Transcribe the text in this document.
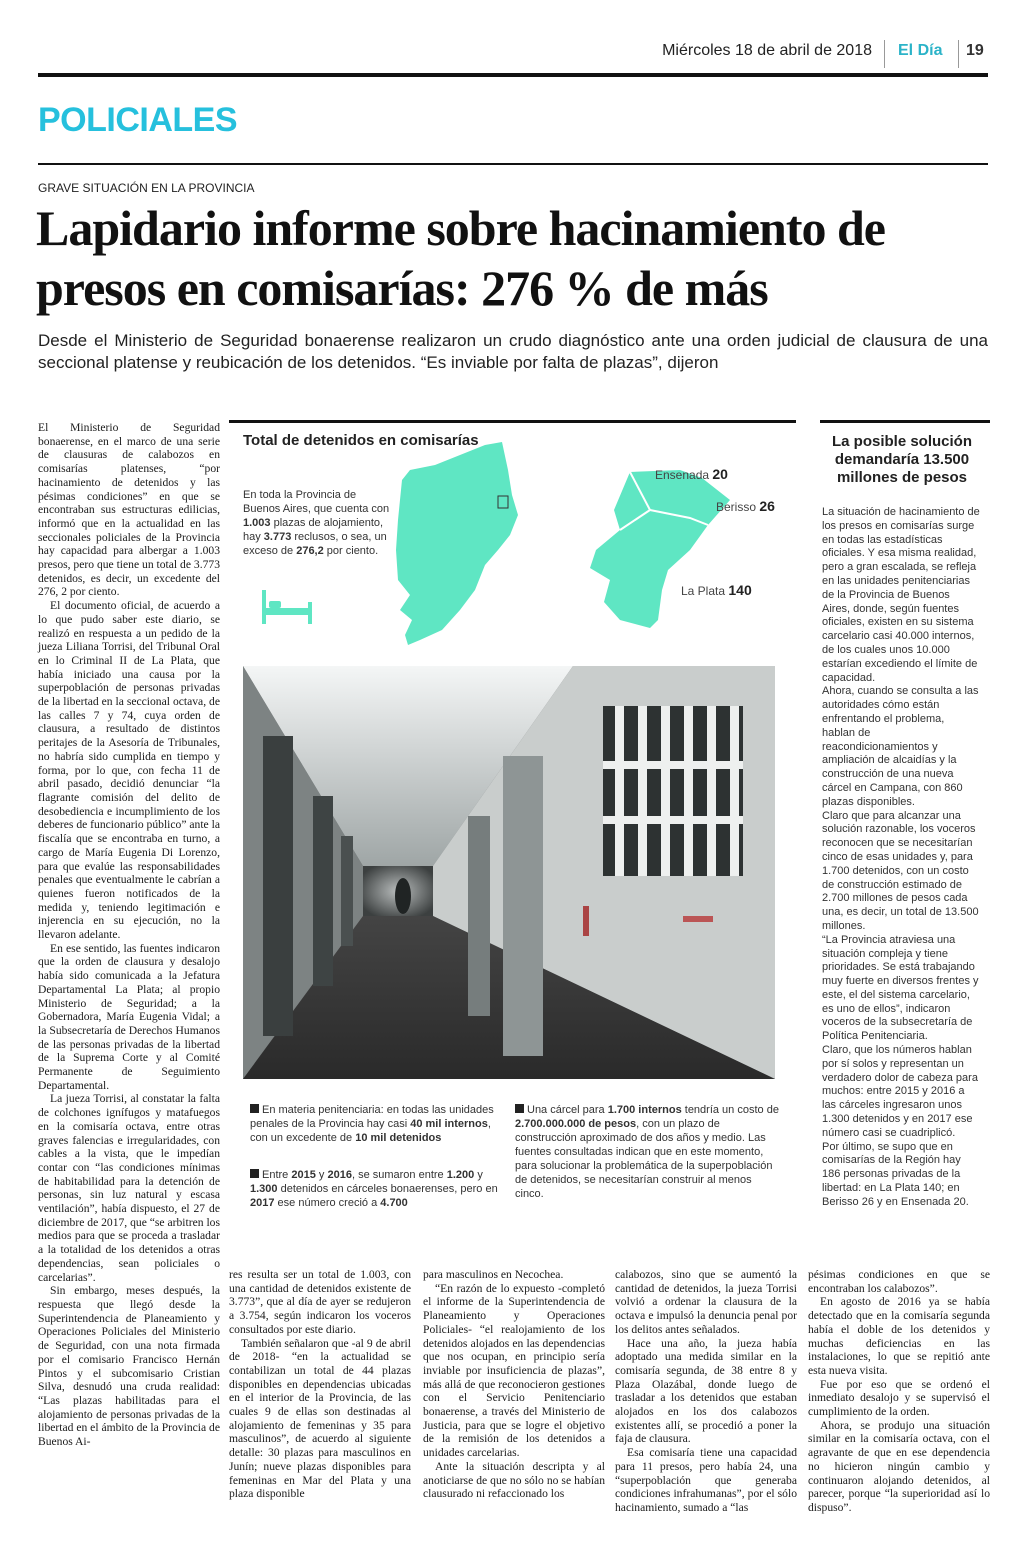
Miércoles 18 de abril de 2018 El Día 19
POLICIALES
GRAVE SITUACIÓN EN LA PROVINCIA
Lapidario informe sobre hacinamiento de presos en comisarías: 276 % de más
Desde el Ministerio de Seguridad bonaerense realizaron un crudo diagnóstico ante una orden judicial de clausura de una seccional platense y reubicación de los detenidos. “Es inviable por falta de plazas”, dijeron

El Ministerio de Seguridad bonaerense, en el marco de una serie de clausuras de calabozos en comisarías platenses, “por hacinamiento de detenidos y las pésimas condiciones” en que se encontraban sus estructuras edilicias, informó que en la actualidad en las seccionales policiales de la Provincia hay capacidad para albergar a 1.003 presos, pero que tiene un total de 3.773 detenidos, es decir, un excedente del 276, 2 por ciento.

El documento oficial, de acuerdo a lo que pudo saber este diario, se realizó en respuesta a un pedido de la jueza Liliana Torrisi, del Tribunal Oral en lo Criminal II de La Plata, que había iniciado una causa por la superpoblación de personas privadas de la libertad en la seccional octava, de las calles 7 y 74, cuya orden de clausura, a resultado de distintos peritajes de la Asesoría de Tribunales, no habría sido cumplida en tiempo y forma, por lo que, con fecha 11 de abril pasado, decidió denunciar “la flagrante comisión del delito de desobediencia e incumplimiento de los deberes de funcionario público” ante la fiscalía que se encontraba en turno, a cargo de María Eugenia Di Lorenzo, para que evalúe las responsabilidades penales que eventualmente le cabrían a quienes fueron notificados de la medida y, teniendo legitimación e injerencia en su ejecución, no la llevaron adelante.

En ese sentido, las fuentes indicaron que la orden de clausura y desalojo había sido comunicada a la Jefatura Departamental La Plata; al propio Ministerio de Seguridad; a la Gobernadora, María Eugenia Vidal; a la Subsecretaría de Derechos Humanos de las personas privadas de la libertad de la Suprema Corte y al Comité Permanente de Seguimiento Departamental.

La jueza Torrisi, al constatar la falta de colchones ignífugos y matafuegos en la comisaría octava, entre otras graves falencias e irregularidades, con cables a la vista, que le impedían contar con “las condiciones mínimas de habitabilidad para la detención de personas, sin luz natural y escasa ventilación”, había dispuesto, el 27 de diciembre de 2017, que “se arbitren los medios para que se proceda a trasladar a la totalidad de los detenidos a otras dependencias, sean policiales o carcelarias”.

Sin embargo, meses después, la respuesta que llegó desde la Superintendencia de Planeamiento y Operaciones Policiales del Ministerio de Seguridad, con una nota firmada por el comisario Francisco Hernán Pintos y el subcomisario Cristian Silva, desnudó una cruda realidad: “Las plazas habilitadas para el alojamiento de personas privadas de la libertad en el ámbito de la Provincia de Buenos Ai-

Total de detenidos en comisarías
En toda la Provincia de Buenos Aires, que cuenta con 1.003 plazas de alojamiento, hay 3.773 reclusos, o sea, un exceso de 276,2 por ciento.
Ensenada 20
Berisso 26
La Plata 140
En materia penitenciaria: en todas las unidades penales de la Provincia hay casi 40 mil internos, con un excedente de 10 mil detenidos
Entre 2015 y 2016, se sumaron entre 1.200 y 1.300 detenidos en cárceles bonaerenses, pero en 2017 ese número creció a 4.700
Una cárcel para 1.700 internos tendría un costo de 2.700.000.000 de pesos, con un plazo de construcción aproximado de dos años y medio. Las fuentes consultadas indican que en este momento, para solucionar la problemática de la superpoblación de detenidos, se necesitarían construir al menos cinco.
La posible solución demandaría 13.500 millones de pesos

La situación de hacinamiento de los presos en comisarías surge en todas las estadísticas oficiales. Y esa misma realidad, pero a gran escalada, se refleja en las unidades penitenciarias de la Provincia de Buenos Aires, donde, según fuentes oficiales, existen en su sistema carcelario casi 40.000 internos, de los cuales unos 10.000 estarían excediendo el límite de capacidad.

Ahora, cuando se consulta a las autoridades cómo están enfrentando el problema, hablan de reacondicionamientos y ampliación de alcaidías y la construcción de una nueva cárcel en Campana, con 860 plazas disponibles.

Claro que para alcanzar una solución razonable, los voceros reconocen que se necesitarían cinco de esas unidades y, para 1.700 detenidos, con un costo de construcción estimado de 2.700 millones de pesos cada una, es decir, un total de 13.500 millones.

“La Provincia atraviesa una situación compleja y tiene prioridades. Se está trabajando muy fuerte en diversos frentes y este, el del sistema carcelario, es uno de ellos”, indicaron voceros de la subsecretaría de Política Penitenciaria.

Claro, que los números hablan por sí solos y representan un verdadero dolor de cabeza para muchos: entre 2015 y 2016 a las cárceles ingresaron unos 1.300 detenidos y en 2017 ese número casi se cuadriplicó.

Por último, se supo que en comisarías de la Región hay 186 personas privadas de la libertad: en La Plata 140; en Berisso 26 y en Ensenada 20.

res resulta ser un total de 1.003, con una cantidad de detenidos existente de 3.773”, que al día de ayer se redujeron a 3.754, según indicaron los voceros consultados por este diario.

También señalaron que -al 9 de abril de 2018- “en la actualidad se contabilizan un total de 44 plazas disponibles en dependencias ubicadas en el interior de la Provincia, de las cuales 9 de ellas son destinadas al alojamiento de femeninas y 35 para masculinos”, de acuerdo al siguiente detalle: 30 plazas para masculinos en Junín; nueve plazas disponibles para femeninas en Mar del Plata y una plaza disponible

para masculinos en Necochea.

“En razón de lo expuesto -completó el informe de la Superintendencia de Planeamiento y Operaciones Policiales- “el realojamiento de los detenidos alojados en las dependencias que nos ocupan, en principio sería inviable por insuficiencia de plazas”, más allá de que reconocieron gestiones con el Servicio Penitenciario bonaerense, a través del Ministerio de Justicia, para que se logre el objetivo de la remisión de los detenidos a unidades carcelarias.

Ante la situación descripta y al anoticiarse de que no sólo no se habían clausurado ni refaccionado los

calabozos, sino que se aumentó la cantidad de detenidos, la jueza Torrisi volvió a ordenar la clausura de la octava e impulsó la denuncia penal por los delitos antes señalados.

Hace una año, la jueza había adoptado una medida similar en la comisaría segunda, de 38 entre 8 y Plaza Olazábal, donde luego de trasladar a los detenidos que estaban alojados en los dos calabozos existentes allí, se procedió a poner la faja de clausura.

Esa comisaría tiene una capacidad para 11 presos, pero había 24, una “superpoblación que generaba condiciones infrahumanas”, por el sólo hacinamiento, sumado a “las

pésimas condiciones en que se encontraban los calabozos”.

En agosto de 2016 ya se había detectado que en la comisaría segunda había el doble de los detenidos y muchas deficiencias en las instalaciones, lo que se repitió ante esta nueva visita.

Fue por eso que se ordenó el inmediato desalojo y se supervisó el cumplimiento de la orden.

Ahora, se produjo una situación similar en la comisaría octava, con el agravante de que en ese dependencia no hicieron ningún cambio y continuaron alojando detenidos, al parecer, porque “la superioridad así lo dispuso”.
